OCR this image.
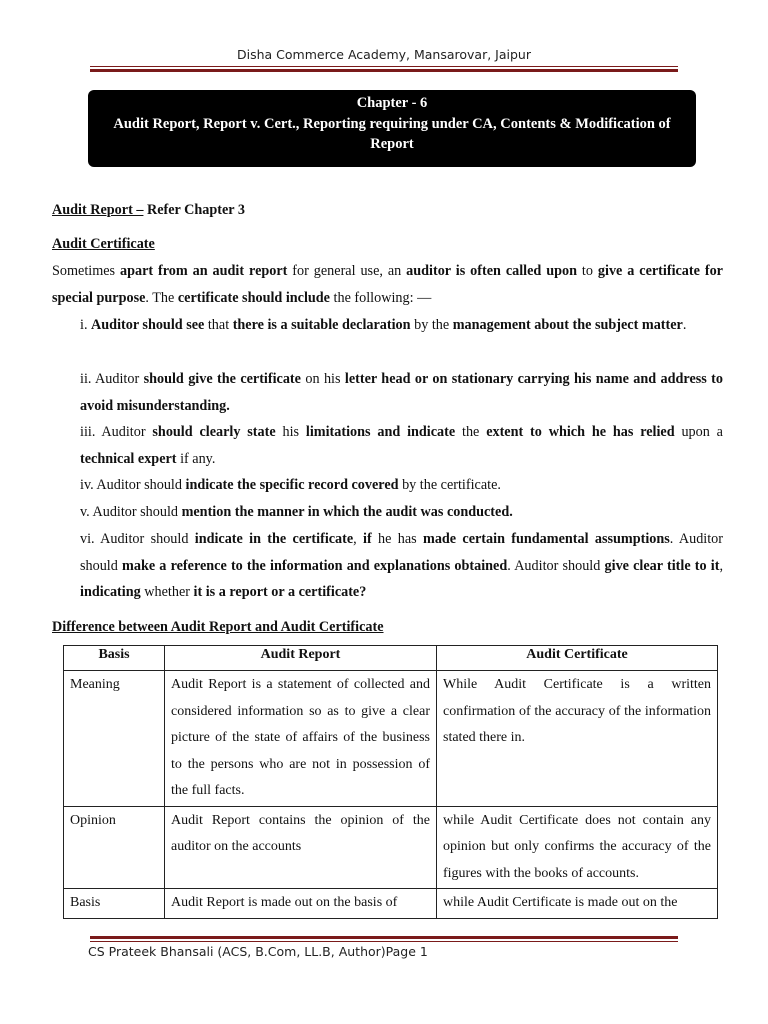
Disha Commerce Academy, Mansarovar, Jaipur
Chapter - 6
Audit Report, Report v. Cert., Reporting requiring under CA, Contents & Modification of
Report
Audit Report – Refer Chapter 3
Audit Certificate
Sometimes apart from an audit report for general use, an auditor is often called upon to give a certificate for special purpose. The certificate should include the following: —
i. Auditor should see that there is a suitable declaration by the management about the subject matter.
ii. Auditor should give the certificate on his letter head or on stationary carrying his name and address to avoid misunderstanding.
iii. Auditor should clearly state his limitations and indicate the extent to which he has relied upon a technical expert if any.
iv. Auditor should indicate the specific record covered by the certificate.
v. Auditor should mention the manner in which the audit was conducted.
vi. Auditor should indicate in the certificate, if he has made certain fundamental assumptions. Auditor should make a reference to the information and explanations obtained. Auditor should give clear title to it, indicating whether it is a report or a certificate?
Difference between Audit Report and Audit Certificate
Basis	Audit Report	Audit Certificate
Meaning	Audit Report is a statement of collected and considered information so as to give a clear picture of the state of affairs of the business to the persons who are not in possession of the full facts.	While Audit Certificate is a written confirmation of the accuracy of the information stated there in.
Opinion	Audit Report contains the opinion of the auditor on the accounts	while Audit Certificate does not contain any opinion but only confirms the accuracy of the figures with the books of accounts.
Basis	Audit Report is made out on the basis of	while Audit Certificate is made out on the
CS Prateek Bhansali (ACS, B.Com, LL.B, Author)Page 1
